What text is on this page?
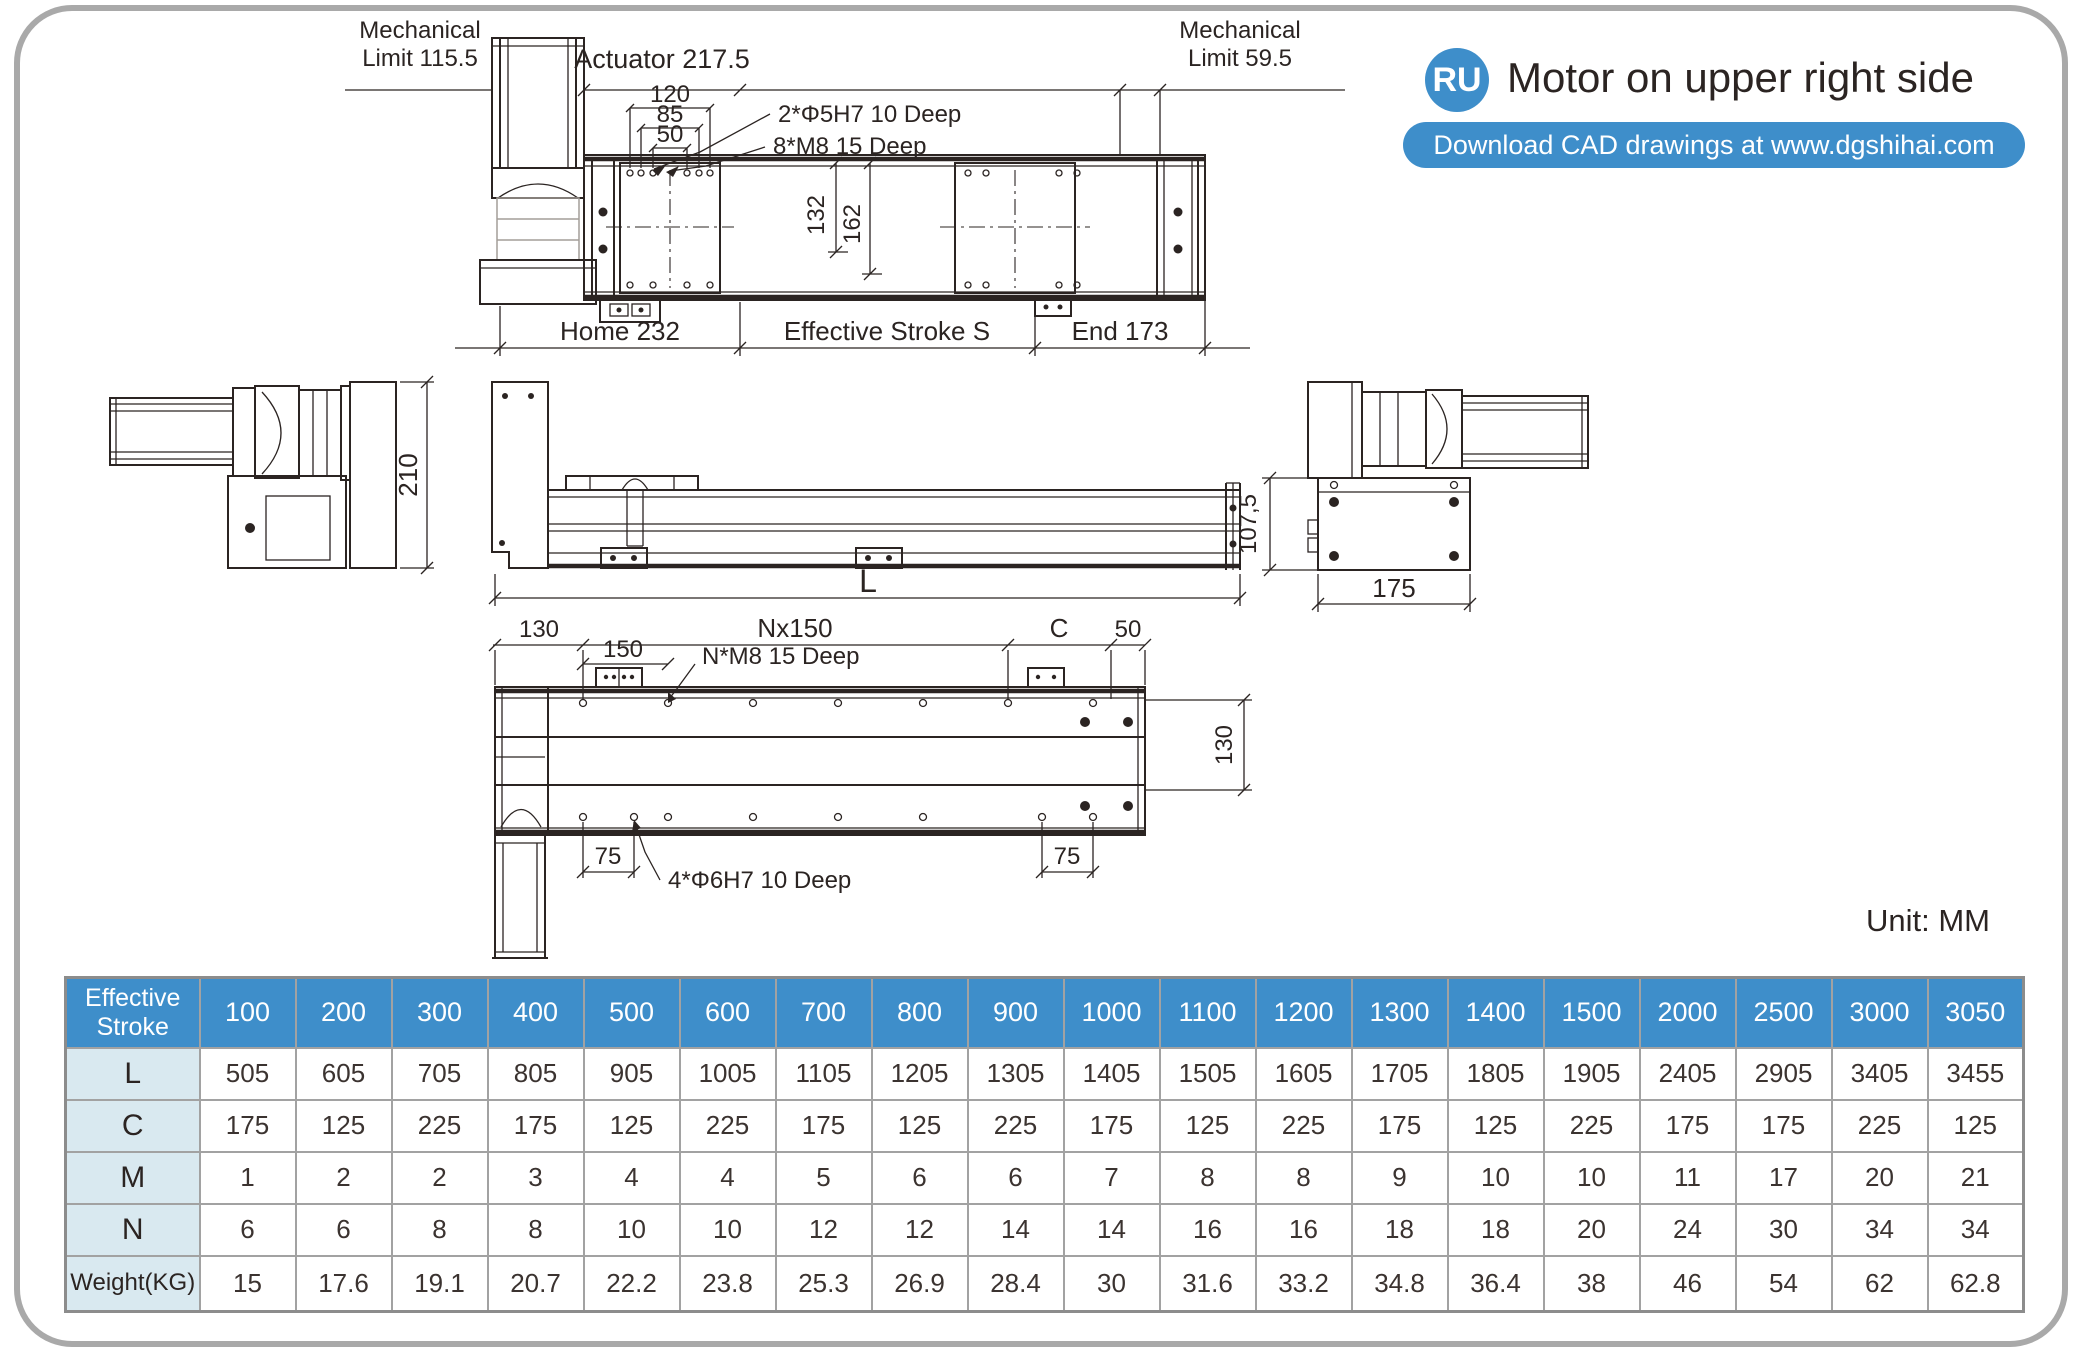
RU Motor on upper right side
Download CAD drawings at www.dgshihai.com
Unit: MM
Mechanical
Limit 115.5	Actuator 217.5
Mechanical
Limit 59.5
120
85
50
2*Φ5H7 10 Deep
8*M8 15 Deep
132 162
Home 232	Effective Stroke S	End 173
210
L
107,5
175
130	Nx150	C 50
150 N*M8 15 Deep
130
75	75
4*Φ6H7 10 Deep
Effective
Stroke	100	200	300	400	500	600	700	800	900	1000	1100	1200	1300	1400	1500	2000	2500	3000	3050
L	505	605	705	805	905	1005	1105	1205	1305	1405	1505	1605	1705	1805	1905	2405	2905	3405	3455
C	175	125	225	175	125	225	175	125	225	175	125	225	175	125	225	175	175	225	125
M	1	2	2	3	4	4	5	6	6	7	8	8	9	10	10	11	17	20	21
N	6	6	8	8	10	10	12	12	14	14	16	16	18	18	20	24	30	34	34
Weight(KG)	15	17.6	19.1	20.7	22.2	23.8	25.3	26.9	28.4	30	31.6	33.2	34.8	36.4	38	46	54	62	62.8
